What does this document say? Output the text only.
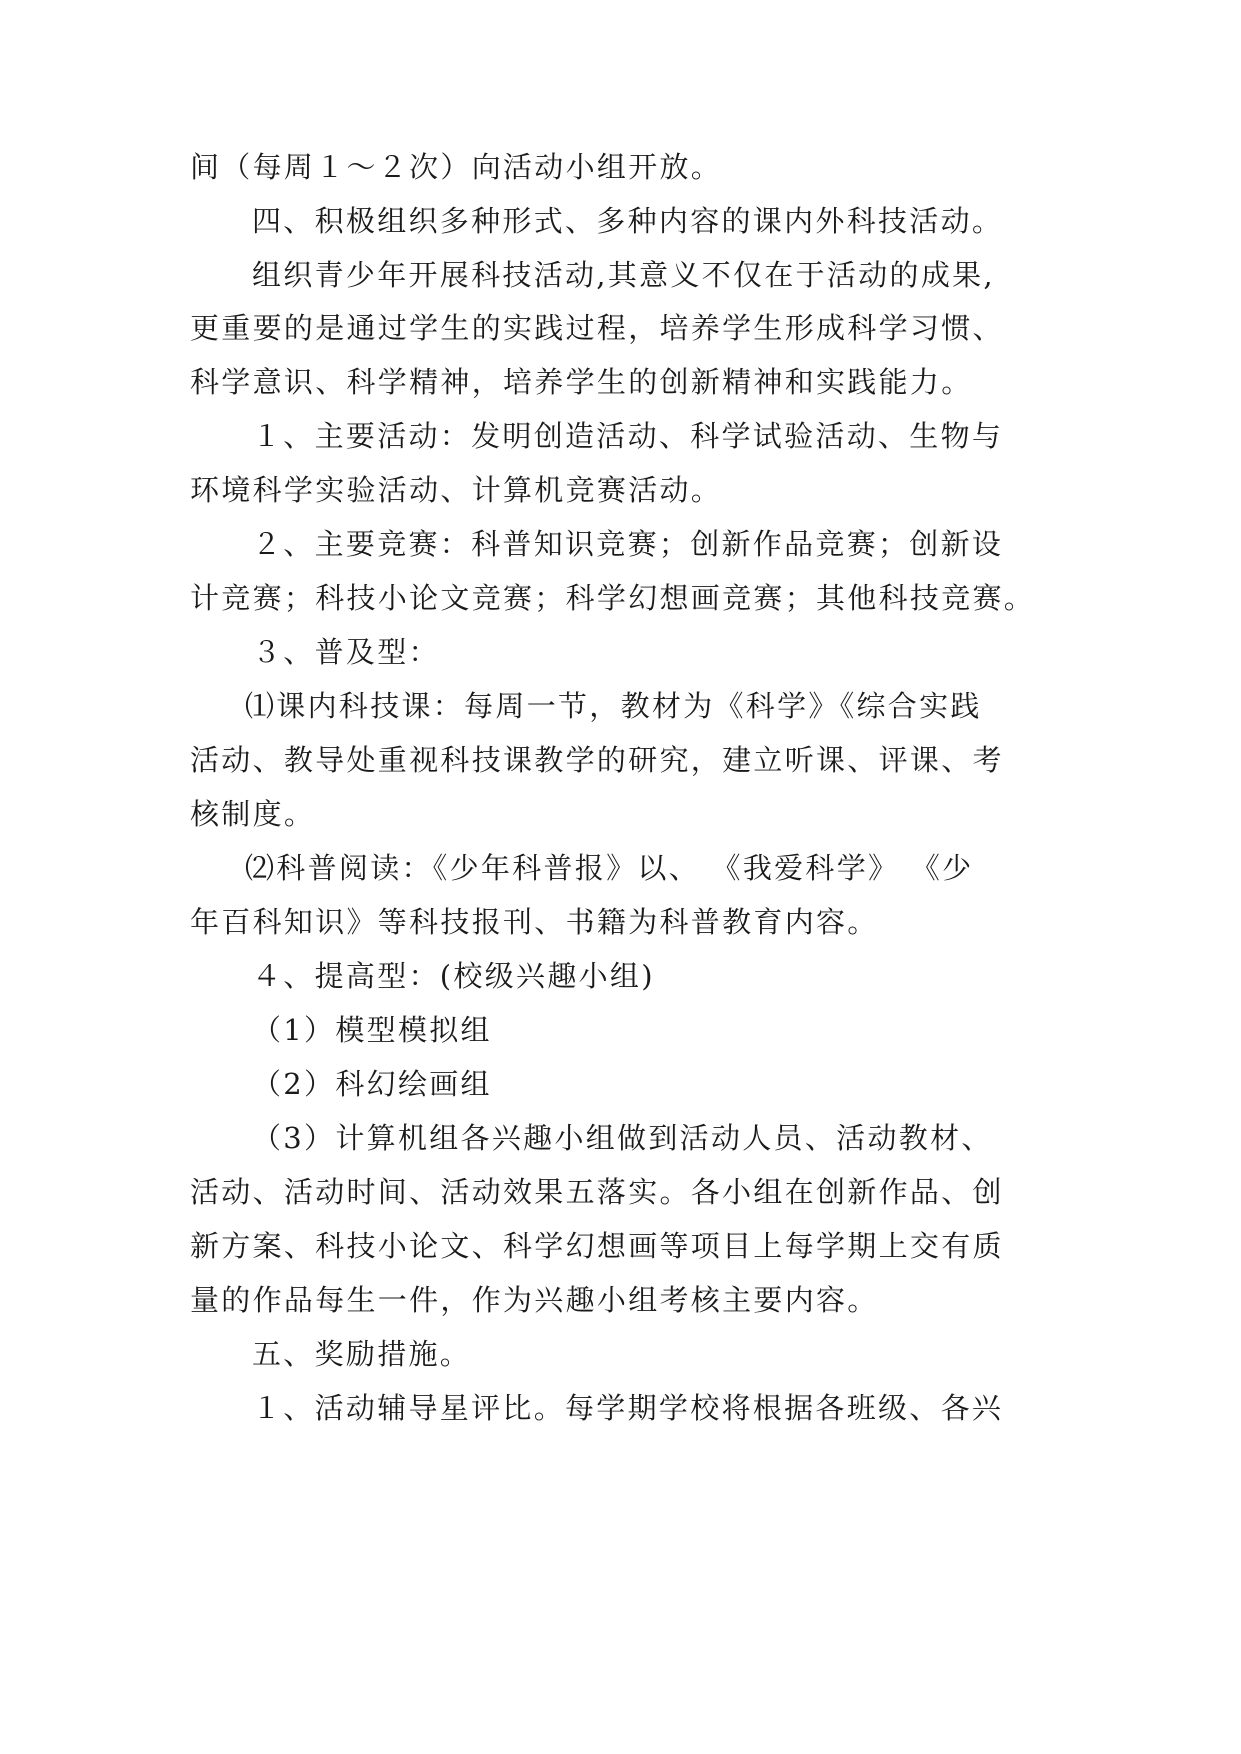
间（每周１～２次）向活动小组开放。
四、积极组织多种形式、多种内容的课内外科技活动。
组织青少年开展科技活动,其意义不仅在于活动的成果,
更重要的是通过学生的实践过程，培养学生形成科学习惯、
科学意识、科学精神，培养学生的创新精神和实践能力。
１、主要活动：发明创造活动、科学试验活动、生物与
环境科学实验活动、计算机竞赛活动。
２、主要竞赛：科普知识竞赛；创新作品竞赛；创新设
计竞赛；科技小论文竞赛；科学幻想画竞赛；其他科技竞赛。
３、普及型：
⑴课内科技课：每周一节，教材为《科学》《综合实践
活动、教导处重视科技课教学的研究，建立听课、评课、考
核制度。
⑵科普阅读：《少年科普报》以、 《我爱科学》 《少
年百科知识》等科技报刊、书籍为科普教育内容。
４、提高型：(校级兴趣小组)
（1）模型模拟组
（2）科幻绘画组
（3）计算机组各兴趣小组做到活动人员、活动教材、
活动、活动时间、活动效果五落实。各小组在创新作品、创
新方案、科技小论文、科学幻想画等项目上每学期上交有质
量的作品每生一件，作为兴趣小组考核主要内容。
五、奖励措施。
１、活动辅导星评比。每学期学校将根据各班级、各兴
